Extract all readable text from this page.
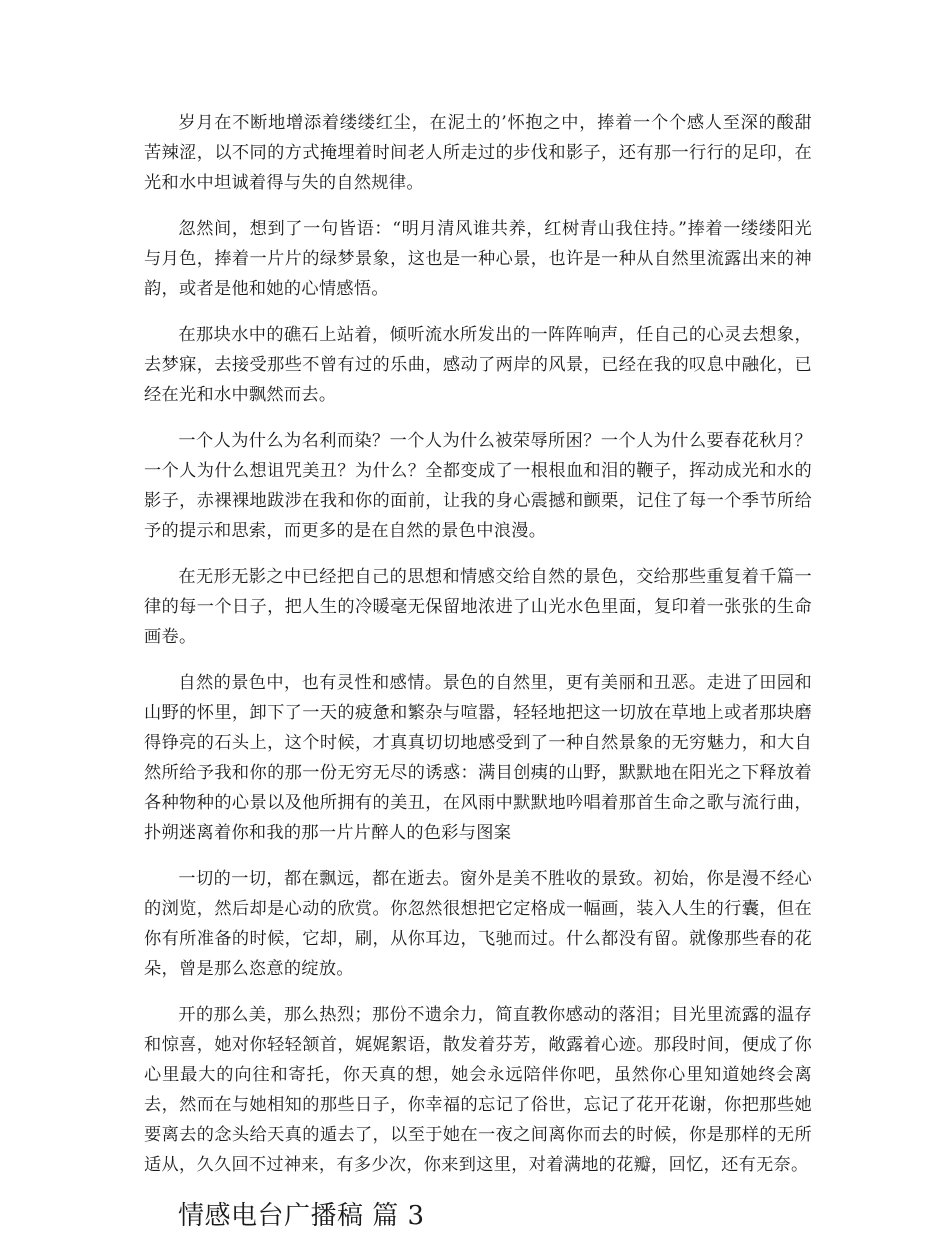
岁月在不断地增添着缕缕红尘，在泥土的’怀抱之中，捧着一个个感人至深的酸甜苦辣涩，以不同的方式掩埋着时间老人所走过的步伐和影子，还有那一行行的足印，在光和水中坦诚着得与失的自然规律。

忽然间，想到了一句皆语：“明月清风谁共养，红树青山我住持。”捧着一缕缕阳光与月色，捧着一片片的绿梦景象，这也是一种心景，也许是一种从自然里流露出来的神韵，或者是他和她的心情感悟。

在那块水中的礁石上站着，倾听流水所发出的一阵阵响声，任自己的心灵去想象，去梦寐，去接受那些不曾有过的乐曲，感动了两岸的风景，已经在我的叹息中融化，已经在光和水中飘然而去。

一个人为什么为名利而染？一个人为什么被荣辱所困？一个人为什么要春花秋月？一个人为什么想诅咒美丑？为什么？全都变成了一根根血和泪的鞭子，挥动成光和水的影子，赤裸裸地跋涉在我和你的面前，让我的身心震撼和颤栗，记住了每一个季节所给予的提示和思索，而更多的是在自然的景色中浪漫。

在无形无影之中已经把自己的思想和情感交给自然的景色，交给那些重复着千篇一律的每一个日子，把人生的冷暖毫无保留地浓进了山光水色里面，复印着一张张的生命画卷。

自然的景色中，也有灵性和感情。景色的自然里，更有美丽和丑恶。走进了田园和山野的怀里，卸下了一天的疲惫和繁杂与喧嚣，轻轻地把这一切放在草地上或者那块磨得铮亮的石头上，这个时候，才真真切切地感受到了一种自然景象的无穷魅力，和大自然所给予我和你的那一份无穷无尽的诱惑：满目创痍的山野，默默地在阳光之下释放着各种物种的心景以及他所拥有的美丑，在风雨中默默地吟唱着那首生命之歌与流行曲，扑朔迷离着你和我的那一片片醉人的色彩与图案

一切的一切，都在飘远，都在逝去。窗外是美不胜收的景致。初始，你是漫不经心的浏览，然后却是心动的欣赏。你忽然很想把它定格成一幅画，装入人生的行囊，但在你有所准备的时候，它却，刷，从你耳边，飞驰而过。什么都没有留。就像那些春的花朵，曾是那么恣意的绽放。

开的那么美，那么热烈；那份不遗余力，简直教你感动的落泪；目光里流露的温存和惊喜，她对你轻轻颔首，娓娓絮语，散发着芬芳，敞露着心迹。那段时间，便成了你心里最大的向往和寄托，你天真的想，她会永远陪伴你吧，虽然你心里知道她终会离去，然而在与她相知的那些日子，你幸福的忘记了俗世，忘记了花开花谢，你把那些她要离去的念头给天真的遁去了，以至于她在一夜之间离你而去的时候，你是那样的无所适从，久久回不过神来，有多少次，你来到这里，对着满地的花瓣，回忆，还有无奈。

情感电台广播稿 篇 3
